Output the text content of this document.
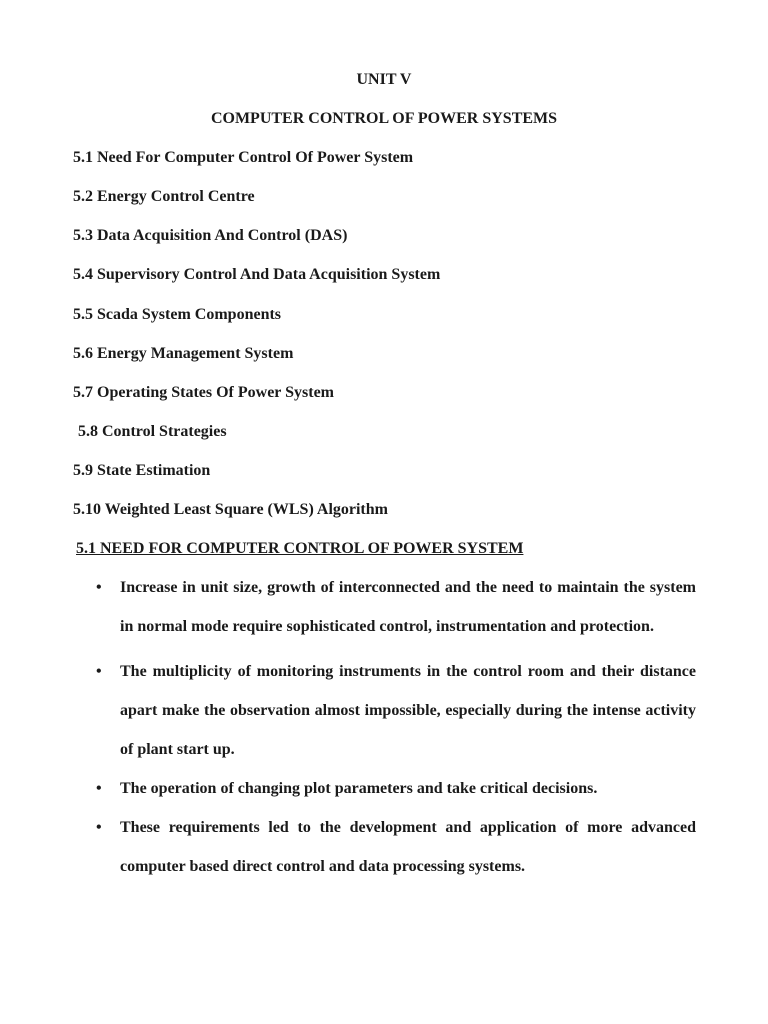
UNIT V
COMPUTER CONTROL OF POWER SYSTEMS
5.1 Need For Computer Control Of Power System
5.2 Energy Control Centre
5.3 Data Acquisition And Control (DAS)
5.4 Supervisory Control And Data Acquisition System
5.5 Scada System Components
5.6 Energy Management System
5.7 Operating States Of Power System
5.8 Control Strategies
5.9 State Estimation
5.10 Weighted Least Square (WLS) Algorithm
5.1 NEED FOR COMPUTER CONTROL OF POWER SYSTEM
• Increase in unit size, growth of interconnected and the need to maintain the system in normal mode require sophisticated control, instrumentation and protection.
• The multiplicity of monitoring instruments in the control room and their distance apart make the observation almost impossible, especially during the intense activity of plant start up.
• The operation of changing plot parameters and take critical decisions.
• These requirements led to the development and application of more advanced computer based direct control and data processing systems.
